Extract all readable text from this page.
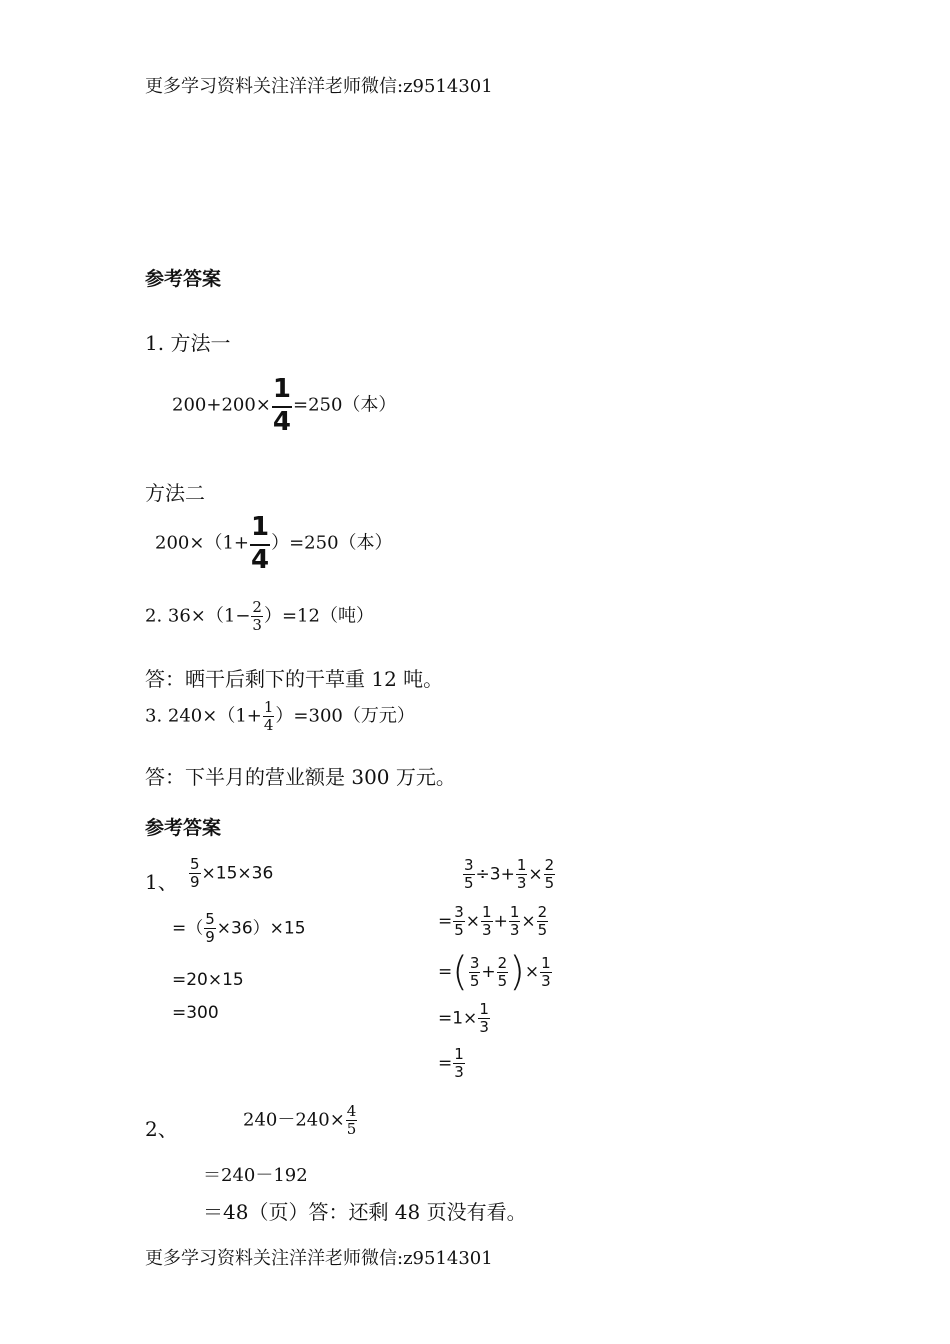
更多学习资料关注洋洋老师微信:z9514301
参考答案
1. 方法一
$200+200\times \frac{1}{4} =250$（本）
方法二
$200\times(1+ \frac{1}{4} )=250$（本）
2. $36\times(1- \frac{2}{3} )=12$（吨）
答：晒干后剩下的干草重 12 吨。
3. $240\times(1+ \frac{1}{4} )=300$（万元）
答：下半月的营业额是 300 万元。
参考答案
1、 $\frac{5}{9} \times 15\times 36$
=（ $\frac{5}{9} \times 36)\times 15$
=20×15
=300
$\frac{3}{5} \div 3+ \frac{1}{3} \times \frac{2}{5}$
= $\frac{3}{5} \times \frac{1}{3} + \frac{1}{3} \times \frac{2}{5}$
=( $\frac{3}{5} + \frac{2}{5}$ )× $\frac{1}{3}$
$=1\times \frac{1}{3}$
= $\frac{1}{3}$
2、	$240-240\times \frac{4}{5}$
＝240－192
＝48（页）答：还剩 48 页没有看。
更多学习资料关注洋洋老师微信:z9514301
